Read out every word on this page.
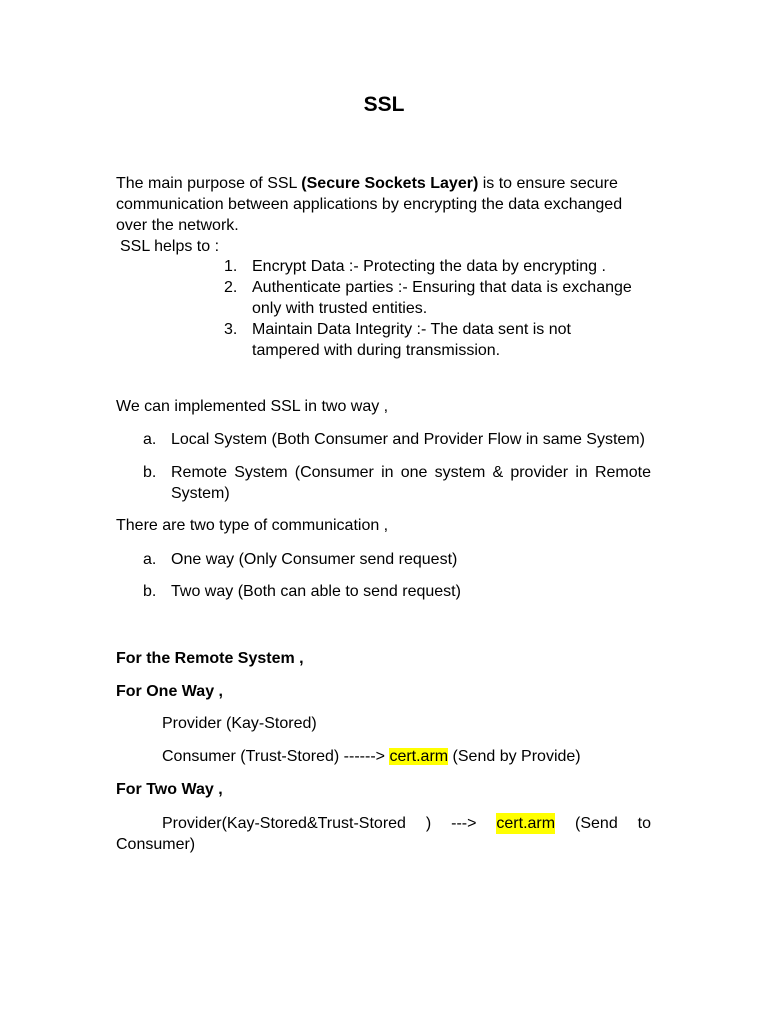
SSL
The main purpose of SSL (Secure Sockets Layer) is to ensure secure communication between applications by encrypting the data exchanged over the network.
SSL helps to :
1. Encrypt Data :- Protecting the data by encrypting .
2. Authenticate parties :- Ensuring that data is exchange only with trusted entities.
3. Maintain Data Integrity :- The data sent is not tampered with during transmission.
We can implemented SSL in two way ,
a. Local System (Both Consumer and Provider Flow in same System)
b. Remote System (Consumer in one system & provider in Remote System)
There are two type of communication ,
a. One way (Only Consumer send request)
b. Two way (Both can able to send request)
For the Remote System ,
For One Way ,
Provider (Kay-Stored)
Consumer (Trust-Stored) ------> cert.arm (Send by Provide)
For Two Way ,
Provider(Kay-Stored&Trust-Stored ) ---> cert.arm (Send to
Consumer)
